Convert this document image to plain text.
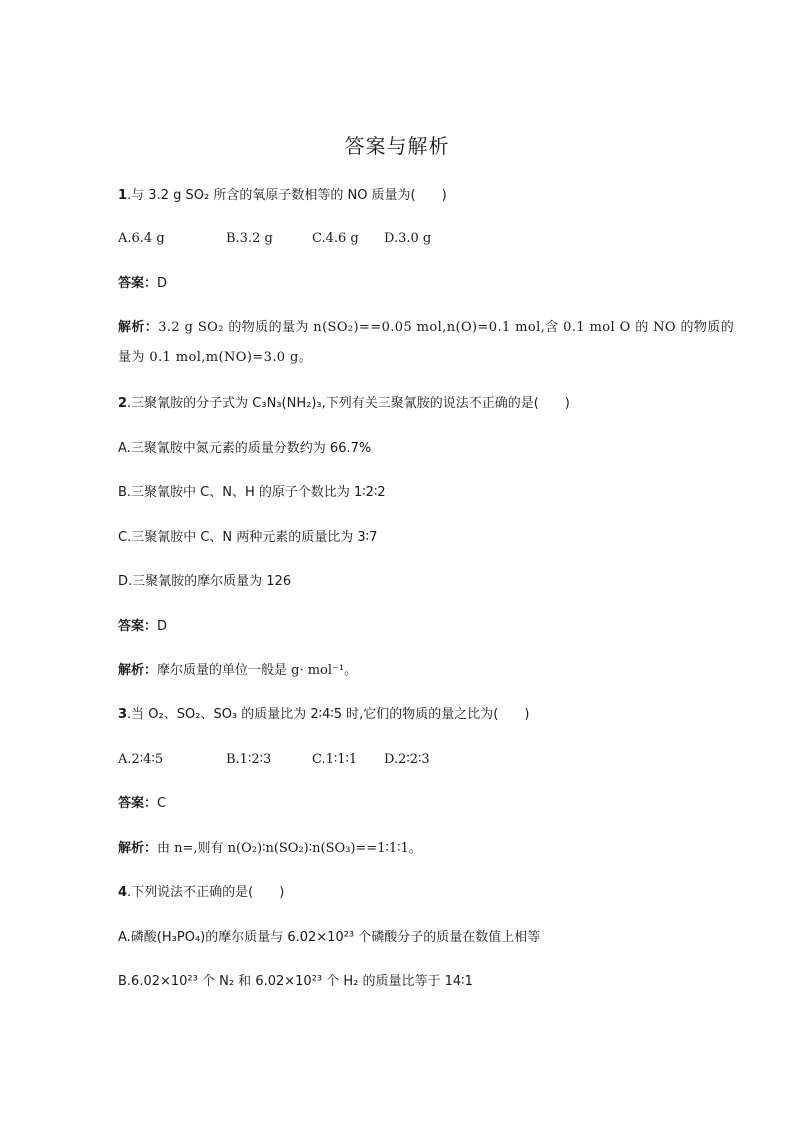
答案与解析
1.与 3.2 g SO₂ 所含的氧原子数相等的 NO 质量为(　　)
A.6.4 g	B.3.2 g	C.4.6 g D.3.0 g
答案：D
解析：3.2 g SO₂ 的物质的量为 n(SO₂)==0.05 mol,n(O)=0.1 mol,含 0.1 mol O 的 NO 的物质的
量为 0.1 mol,m(NO)=3.0 g。
2.三聚氰胺的分子式为 C₃N₃(NH₂)₃,下列有关三聚氰胺的说法不正确的是(　　)
A.三聚氰胺中氮元素的质量分数约为 66.7%
B.三聚氰胺中 C、N、H 的原子个数比为 1∶2∶2
C.三聚氰胺中 C、N 两种元素的质量比为 3∶7
D.三聚氰胺的摩尔质量为 126
答案：D
解析：摩尔质量的单位一般是 g· mol⁻¹。
3.当 O₂、SO₂、SO₃ 的质量比为 2∶4∶5 时,它们的物质的量之比为(　　)
A.2∶4∶5	B.1∶2∶3	C.1∶1∶1 D.2∶2∶3
答案：C
解析：由 n=,则有 n(O₂)∶n(SO₂)∶n(SO₃)==1∶1∶1。
4.下列说法不正确的是(　　)
A.磷酸(H₃PO₄)的摩尔质量与 6.02×10²³ 个磷酸分子的质量在数值上相等
B.6.02×10²³ 个 N₂ 和 6.02×10²³ 个 H₂ 的质量比等于 14∶1
